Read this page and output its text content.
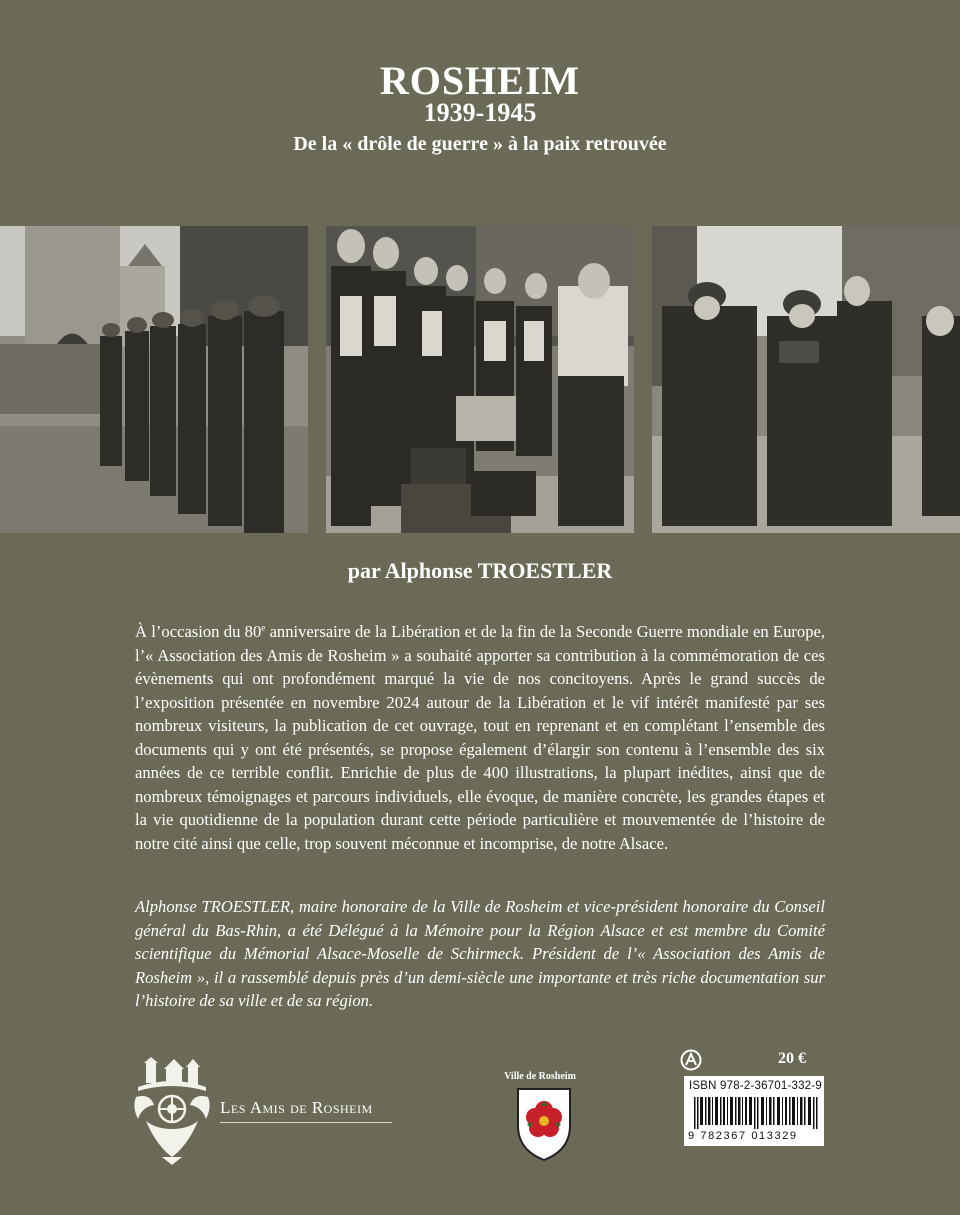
ROSHEIM
1939-1945
De la « drôle de guerre » à la paix retrouvée
par Alphonse TROESTLER

À l’occasion du 80e anniversaire de la Libération et de la fin de la Seconde Guerre mondiale en Europe, l’« Association des Amis de Rosheim » a souhaité apporter sa contribution à la commémoration de ces évènements qui ont profondément marqué la vie de nos concitoyens. Après le grand succès de l’exposition présentée en novembre 2024 autour de la Libération et le vif intérêt manifesté par ses nombreux visiteurs, la publication de cet ouvrage, tout en reprenant et en complétant l’ensemble des documents qui y ont été présentés, se propose également d’élargir son contenu à l’ensemble des six années de ce terrible conflit. Enrichie de plus de 400 illustrations, la plupart inédites, ainsi que de nombreux témoignages et parcours individuels, elle évoque, de manière concrète, les grandes étapes et la vie quotidienne de la population durant cette période particulière et mouvementée de l’histoire de notre cité ainsi que celle, trop souvent méconnue et incomprise, de notre Alsace.

Alphonse TROESTLER, maire honoraire de la Ville de Rosheim et vice-président honoraire du Conseil général du Bas-Rhin, a été Délégué à la Mémoire pour la Région Alsace et est membre du Comité scientifique du Mémorial Alsace-Moselle de Schirmeck. Président de l’« Association des Amis de Rosheim », il a rassemblé depuis près d’un demi-siècle une importante et très riche documentation sur l’histoire de sa ville et de sa région.

Les Amis de Rosheim
Ville de Rosheim
20 €
ISBN 978-2-36701-332-9
9 782367 013329
